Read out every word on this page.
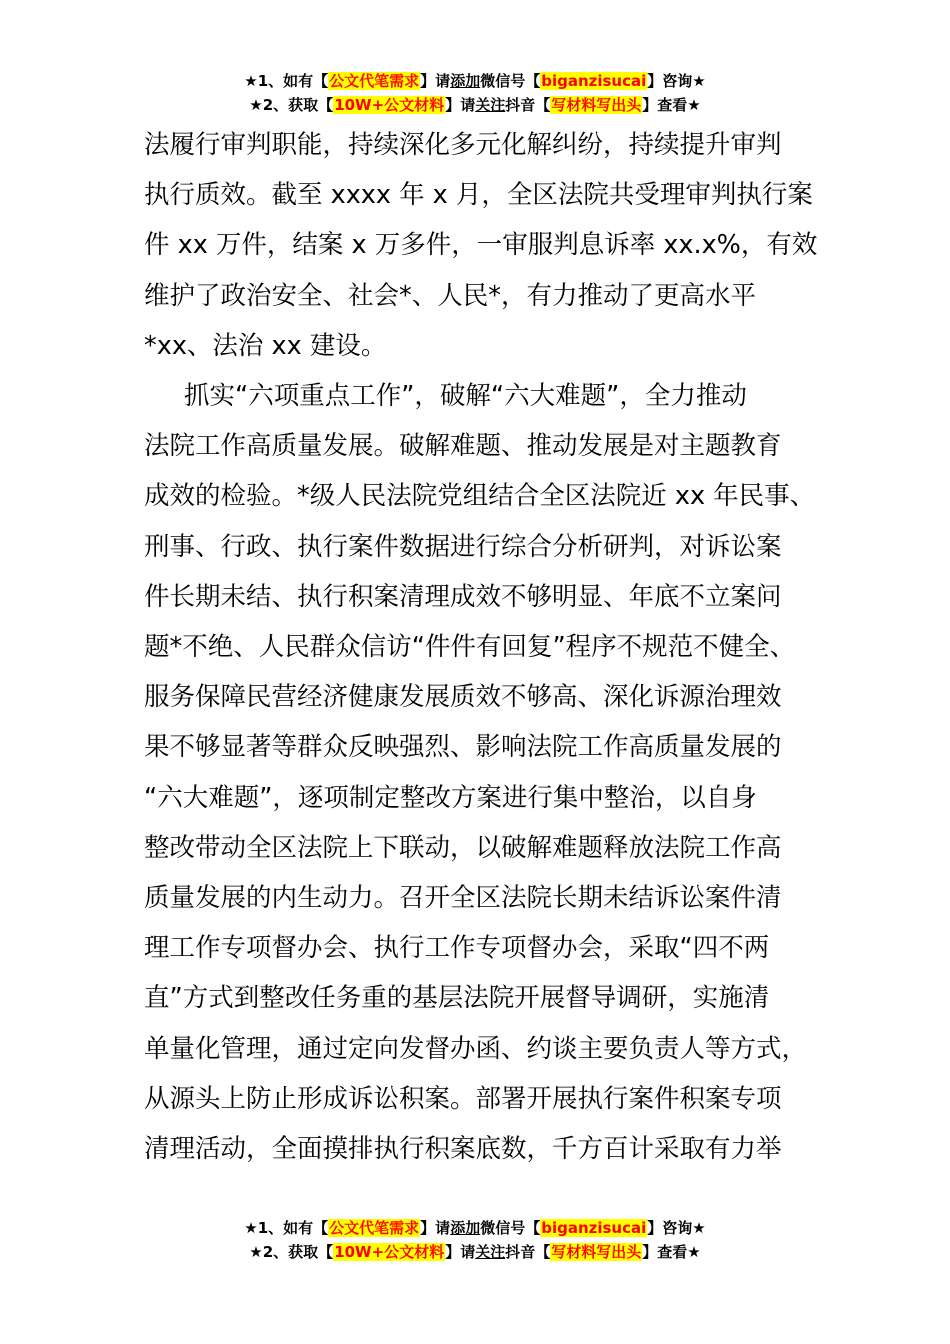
★1、如有【公文代笔需求】请添加微信号【biganzisucai】咨询★
★2、获取【10W+公文材料】请关注抖音【写材料写出头】查看★

法履行审判职能，持续深化多元化解纠纷，持续提升审判
执行质效。截至 xxxx 年 x 月，全区法院共受理审判执行案
件 xx 万件，结案 x 万多件，一审服判息诉率 xx.x%，有效
维护了政治安全、社会*、人民*，有力推动了更高水平
*xx、法治 xx 建设。

抓实“六项重点工作”，破解“六大难题”，全力推动
法院工作高质量发展。破解难题、推动发展是对主题教育
成效的检验。*级人民法院党组结合全区法院近 xx 年民事、
刑事、行政、执行案件数据进行综合分析研判，对诉讼案
件长期未结、执行积案清理成效不够明显、年底不立案问
题*不绝、人民群众信访“件件有回复”程序不规范不健全、
服务保障民营经济健康发展质效不够高、深化诉源治理效
果不够显著等群众反映强烈、影响法院工作高质量发展的
“六大难题”，逐项制定整改方案进行集中整治，以自身
整改带动全区法院上下联动，以破解难题释放法院工作高
质量发展的内生动力。召开全区法院长期未结诉讼案件清
理工作专项督办会、执行工作专项督办会，采取“四不两
直”方式到整改任务重的基层法院开展督导调研，实施清
单量化管理，通过定向发督办函、约谈主要负责人等方式，
从源头上防止形成诉讼积案。部署开展执行案件积案专项
清理活动，全面摸排执行积案底数，千方百计采取有力举

★1、如有【公文代笔需求】请添加微信号【biganzisucai】咨询★
★2、获取【10W+公文材料】请关注抖音【写材料写出头】查看★
